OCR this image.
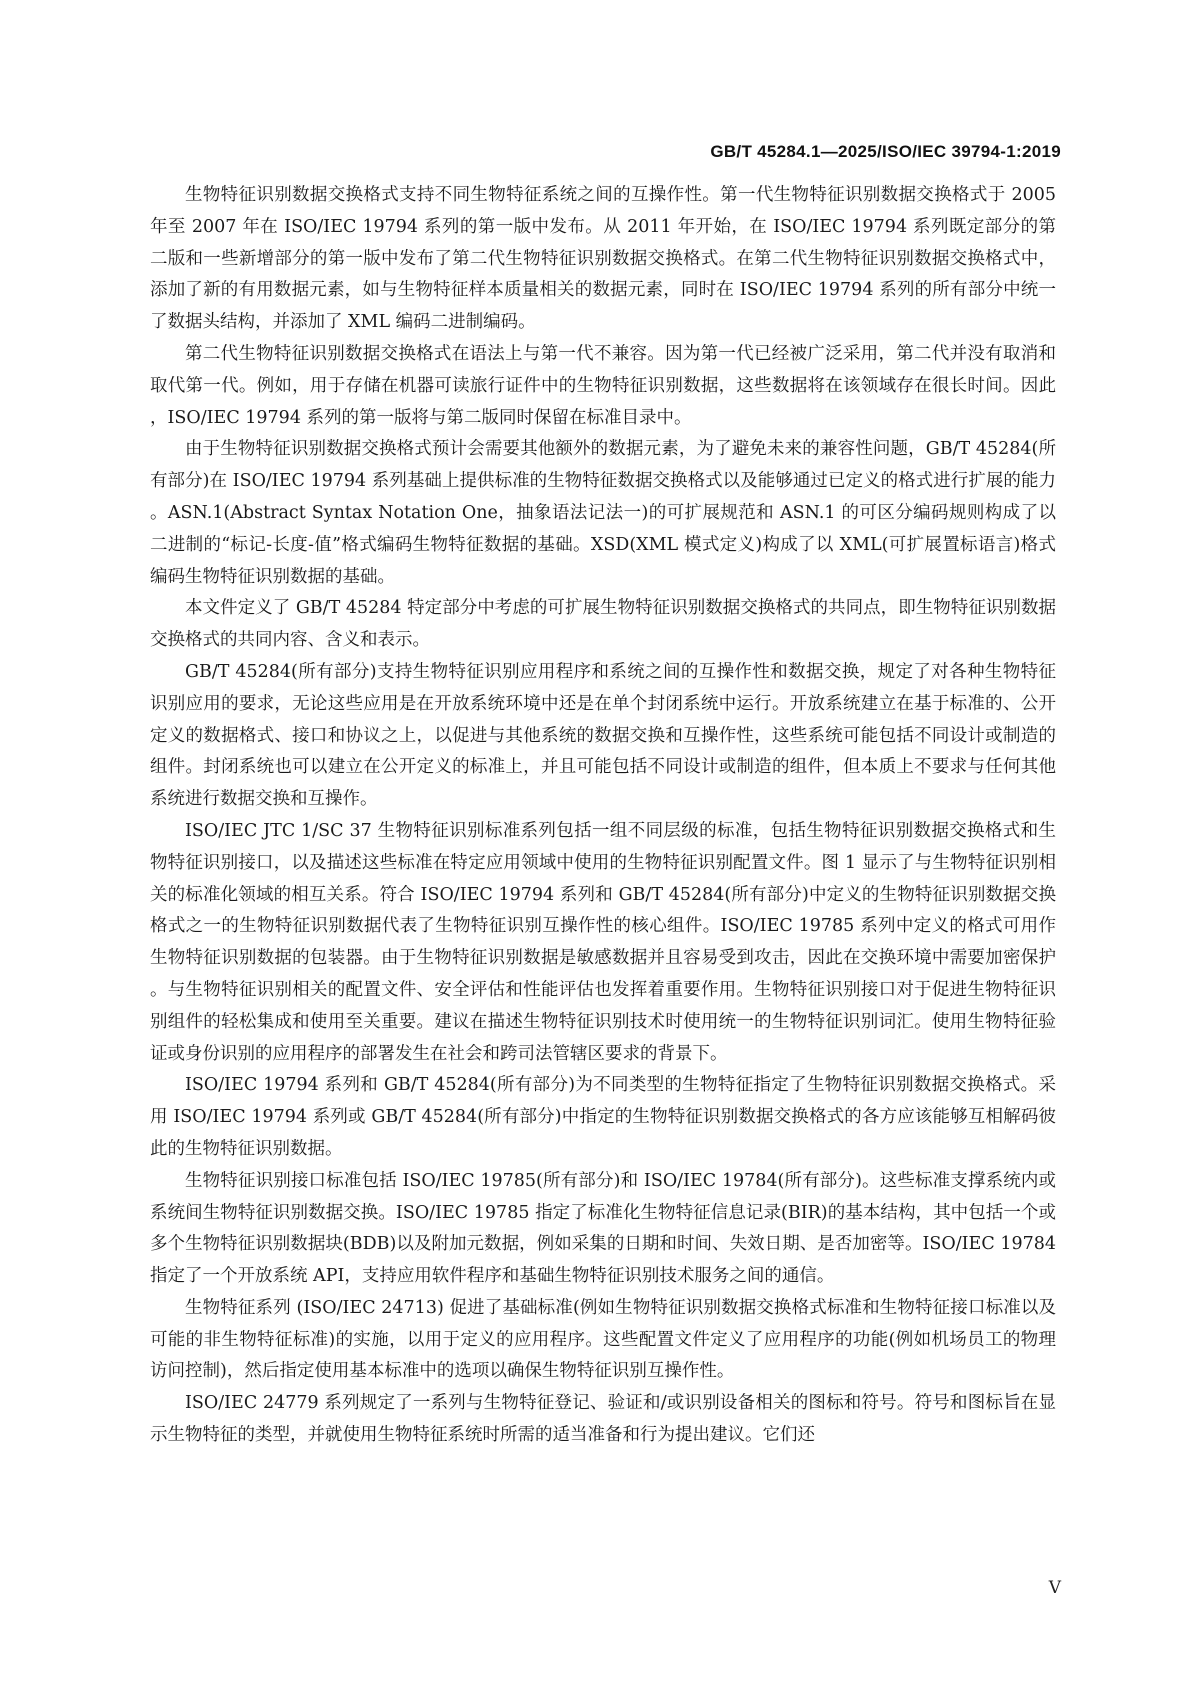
GB/T 45284.1—2025/ISO/IEC 39794-1:2019

生物特征识别数据交换格式支持不同生物特征系统之间的互操作性。第一代生物特征识别数据交换格式于 2005 年至 2007 年在 ISO/IEC 19794 系列的第一版中发布。从 2011 年开始，在 ISO/IEC 19794 系列既定部分的第二版和一些新增部分的第一版中发布了第二代生物特征识别数据交换格式。在第二代生物特征识别数据交换格式中，添加了新的有用数据元素，如与生物特征样本质量相关的数据元素，同时在 ISO/IEC 19794 系列的所有部分中统一了数据头结构，并添加了 XML 编码二进制编码。

第二代生物特征识别数据交换格式在语法上与第一代不兼容。因为第一代已经被广泛采用，第二代并没有取消和取代第一代。例如，用于存储在机器可读旅行证件中的生物特征识别数据，这些数据将在该领域存在很长时间。因此，ISO/IEC 19794 系列的第一版将与第二版同时保留在标准目录中。

由于生物特征识别数据交换格式预计会需要其他额外的数据元素，为了避免未来的兼容性问题，GB/T 45284(所有部分)在 ISO/IEC 19794 系列基础上提供标准的生物特征数据交换格式以及能够通过已定义的格式进行扩展的能力。ASN.1(Abstract Syntax Notation One，抽象语法记法一)的可扩展规范和 ASN.1 的可区分编码规则构成了以二进制的“标记-长度-值”格式编码生物特征数据的基础。XSD(XML 模式定义)构成了以 XML(可扩展置标语言)格式编码生物特征识别数据的基础。

本文件定义了 GB/T 45284 特定部分中考虑的可扩展生物特征识别数据交换格式的共同点，即生物特征识别数据交换格式的共同内容、含义和表示。

GB/T 45284(所有部分)支持生物特征识别应用程序和系统之间的互操作性和数据交换，规定了对各种生物特征识别应用的要求，无论这些应用是在开放系统环境中还是在单个封闭系统中运行。开放系统建立在基于标准的、公开定义的数据格式、接口和协议之上，以促进与其他系统的数据交换和互操作性，这些系统可能包括不同设计或制造的组件。封闭系统也可以建立在公开定义的标准上，并且可能包括不同设计或制造的组件，但本质上不要求与任何其他系统进行数据交换和互操作。

ISO/IEC JTC 1/SC 37 生物特征识别标准系列包括一组不同层级的标准，包括生物特征识别数据交换格式和生物特征识别接口，以及描述这些标准在特定应用领域中使用的生物特征识别配置文件。图 1 显示了与生物特征识别相关的标准化领域的相互关系。符合 ISO/IEC 19794 系列和 GB/T 45284(所有部分)中定义的生物特征识别数据交换格式之一的生物特征识别数据代表了生物特征识别互操作性的核心组件。ISO/IEC 19785 系列中定义的格式可用作生物特征识别数据的包装器。由于生物特征识别数据是敏感数据并且容易受到攻击，因此在交换环境中需要加密保护。与生物特征识别相关的配置文件、安全评估和性能评估也发挥着重要作用。生物特征识别接口对于促进生物特征识别组件的轻松集成和使用至关重要。建议在描述生物特征识别技术时使用统一的生物特征识别词汇。使用生物特征验证或身份识别的应用程序的部署发生在社会和跨司法管辖区要求的背景下。

ISO/IEC 19794 系列和 GB/T 45284(所有部分)为不同类型的生物特征指定了生物特征识别数据交换格式。采用 ISO/IEC 19794 系列或 GB/T 45284(所有部分)中指定的生物特征识别数据交换格式的各方应该能够互相解码彼此的生物特征识别数据。

生物特征识别接口标准包括 ISO/IEC 19785(所有部分)和 ISO/IEC 19784(所有部分)。这些标准支撑系统内或系统间生物特征识别数据交换。ISO/IEC 19785 指定了标准化生物特征信息记录(BIR)的基本结构，其中包括一个或多个生物特征识别数据块(BDB)以及附加元数据，例如采集的日期和时间、失效日期、是否加密等。ISO/IEC 19784 指定了一个开放系统 API，支持应用软件程序和基础生物特征识别技术服务之间的通信。

生物特征系列 (ISO/IEC 24713) 促进了基础标准(例如生物特征识别数据交换格式标准和生物特征接口标准以及可能的非生物特征标准)的实施，以用于定义的应用程序。这些配置文件定义了应用程序的功能(例如机场员工的物理访问控制)，然后指定使用基本标准中的选项以确保生物特征识别互操作性。

ISO/IEC 24779 系列规定了一系列与生物特征登记、验证和/或识别设备相关的图标和符号。符号和图标旨在显示生物特征的类型，并就使用生物特征系统时所需的适当准备和行为提出建议。它们还

V
